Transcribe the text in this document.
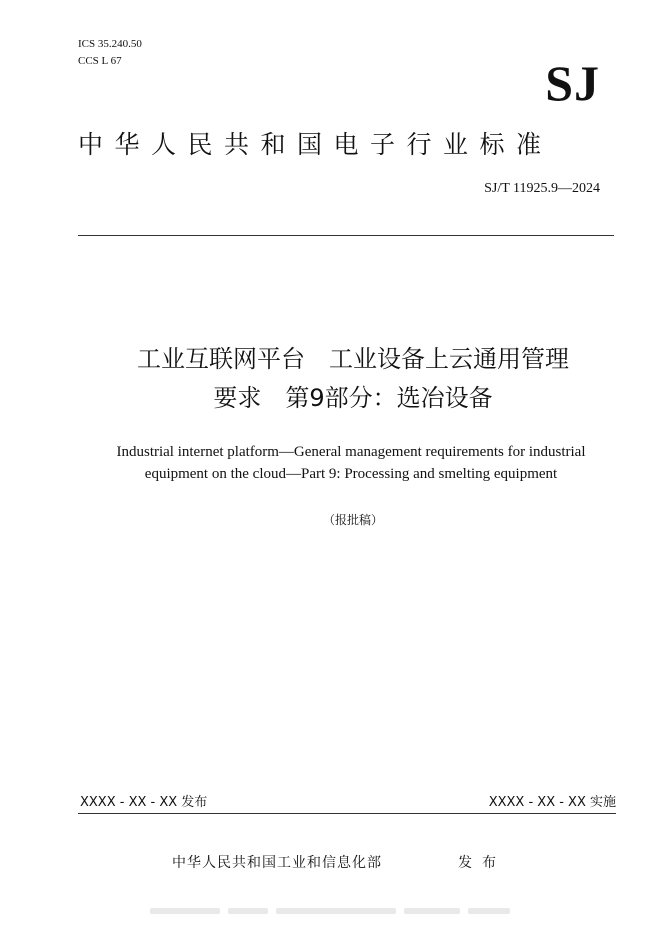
ICS 35.240.50
CCS L 67	SJ
中华人民共和国电子行业标准
SJ/T 11925.9—2024
工业互联网平台　工业设备上云通用管理
要求　第9部分：选冶设备
Industrial internet platform—General management requirements for industrial
equipment on the cloud—Part 9: Processing and smelting equipment
（报批稿）
XXXX - XX - XX 发布	XXXX - XX - XX 实施
中华人民共和国工业和信息化部	发布
